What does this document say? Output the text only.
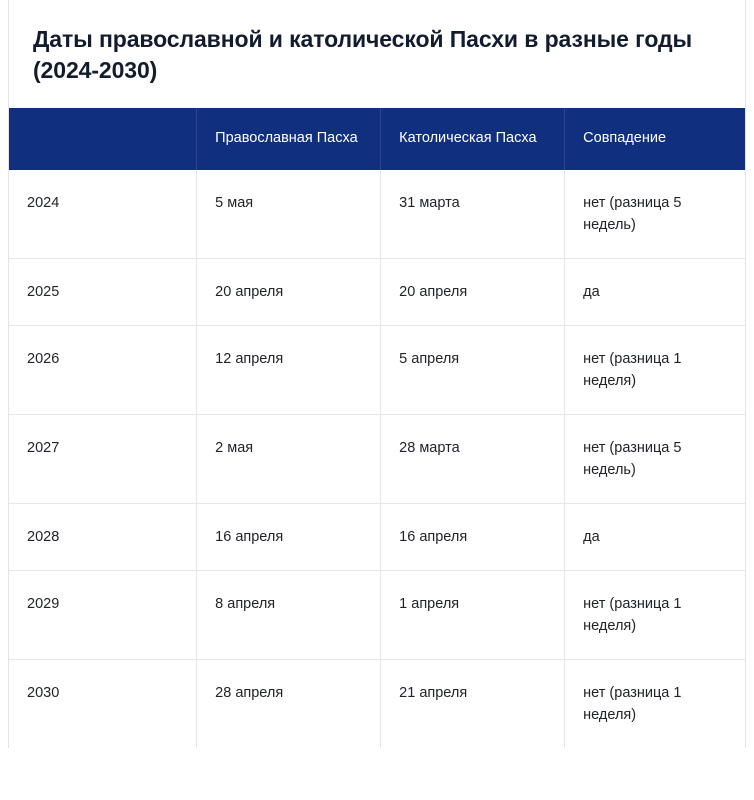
Даты православной и католической Пасхи в разные годы (2024-2030)
	Православная Пасха	Католическая Пасха	Совпадение
2024	5 мая	31 марта	нет (разница 5 недель)
2025	20 апреля	20 апреля	да
2026	12 апреля	5 апреля	нет (разница 1 неделя)
2027	2 мая	28 марта	нет (разница 5 недель)
2028	16 апреля	16 апреля	да
2029	8 апреля	1 апреля	нет (разница 1 неделя)
2030	28 апреля	21 апреля	нет (разница 1 неделя)
